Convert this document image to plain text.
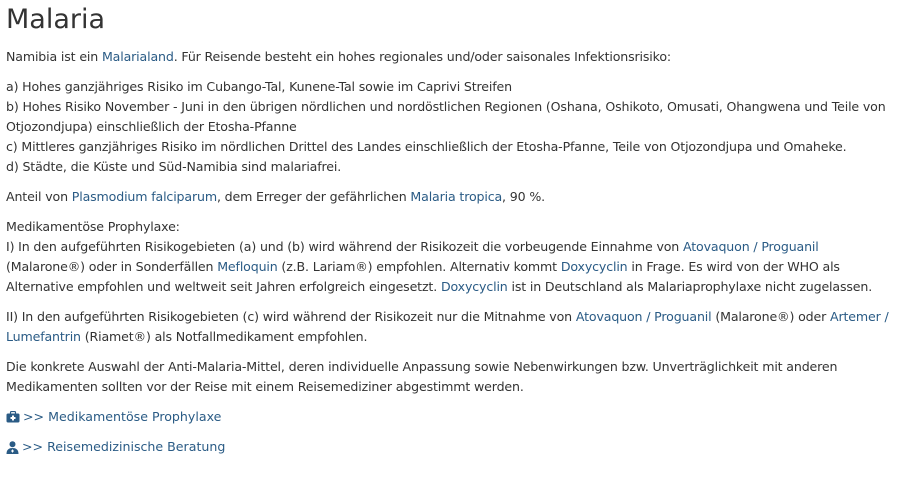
Malaria

Namibia ist ein Malarialand. Für Reisende besteht ein hohes regionales und/oder saisonales Infektionsrisiko:

a) Hohes ganzjähriges Risiko im Cubango-Tal, Kunene-Tal sowie im Caprivi Streifen
b) Hohes Risiko November - Juni in den übrigen nördlichen und nordöstlichen Regionen (Oshana, Oshikoto, Omusati, Ohangwena und Teile von Otjozondjupa) einschließlich der Etosha-Pfanne
c) Mittleres ganzjähriges Risiko im nördlichen Drittel des Landes einschließlich der Etosha-Pfanne, Teile von Otjozondjupa und Omaheke.
d) Städte, die Küste und Süd-Namibia sind malariafrei.

Anteil von Plasmodium falciparum, dem Erreger der gefährlichen Malaria tropica, 90 %.

Medikamentöse Prophylaxe:
I) In den aufgeführten Risikogebieten (a) und (b) wird während der Risikozeit die vorbeugende Einnahme von Atovaquon / Proguanil (Malarone®) oder in Sonderfällen Mefloquin (z.B. Lariam®) empfohlen. Alternativ kommt Doxycyclin in Frage. Es wird von der WHO als Alternative empfohlen und weltweit seit Jahren erfolgreich eingesetzt. Doxycyclin ist in Deutschland als Malariaprophylaxe nicht zugelassen.

II) In den aufgeführten Risikogebieten (c) wird während der Risikozeit nur die Mitnahme von Atovaquon / Proguanil (Malarone®) oder Artemer / Lumefantrin (Riamet®) als Notfallmedikament empfohlen.

Die konkrete Auswahl der Anti-Malaria-Mittel, deren individuelle Anpassung sowie Nebenwirkungen bzw. Unverträglichkeit mit anderen Medikamenten sollten vor der Reise mit einem Reisemediziner abgestimmt werden.

>> Medikamentöse Prophylaxe
>> Reisemedizinische Beratung
